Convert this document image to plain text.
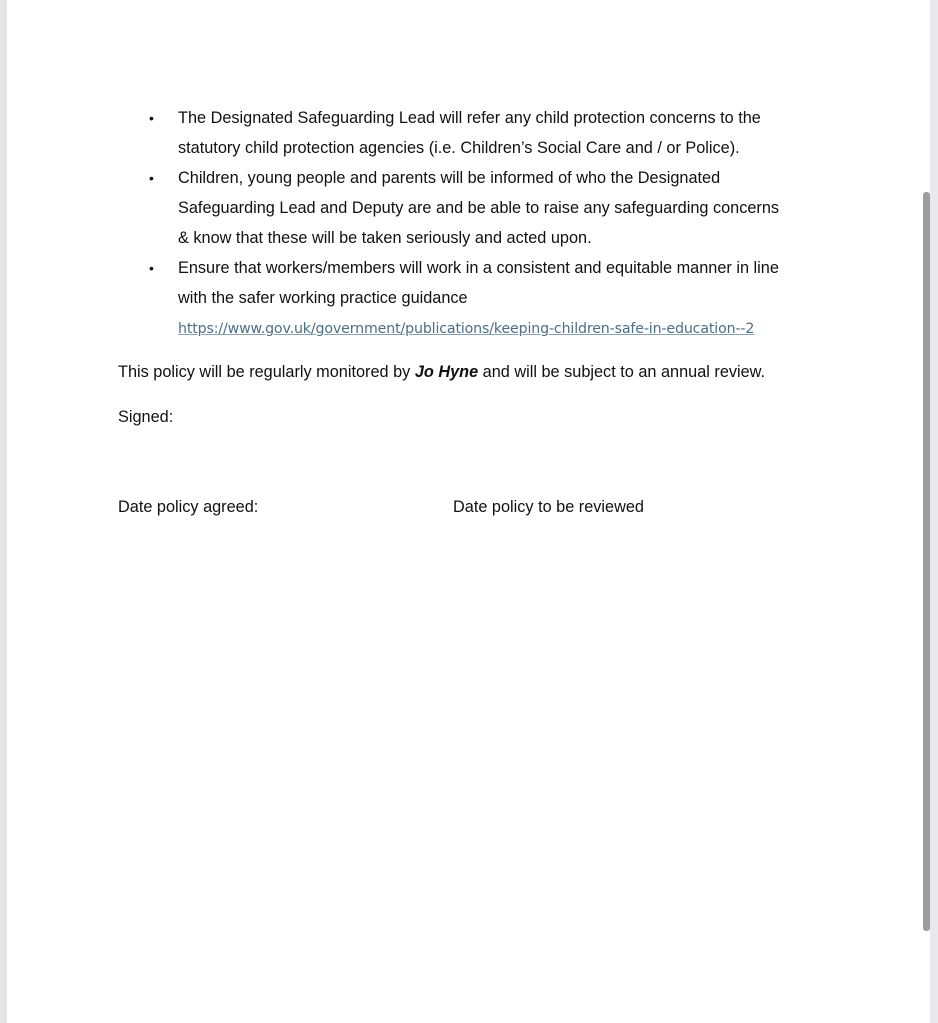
• The Designated Safeguarding Lead will refer any child protection concerns to the
statutory child protection agencies (i.e. Children’s Social Care and / or Police).
• Children, young people and parents will be informed of who the Designated
Safeguarding Lead and Deputy are and be able to raise any safeguarding concerns
& know that these will be taken seriously and acted upon.
• Ensure that workers/members will work in a consistent and equitable manner in line
with the safer working practice guidance
https://www.gov.uk/government/publications/keeping-children-safe-in-education--2
This policy will be regularly monitored by Jo Hyne and will be subject to an annual review.
Signed:
Date policy agreed:	Date policy to be reviewed
